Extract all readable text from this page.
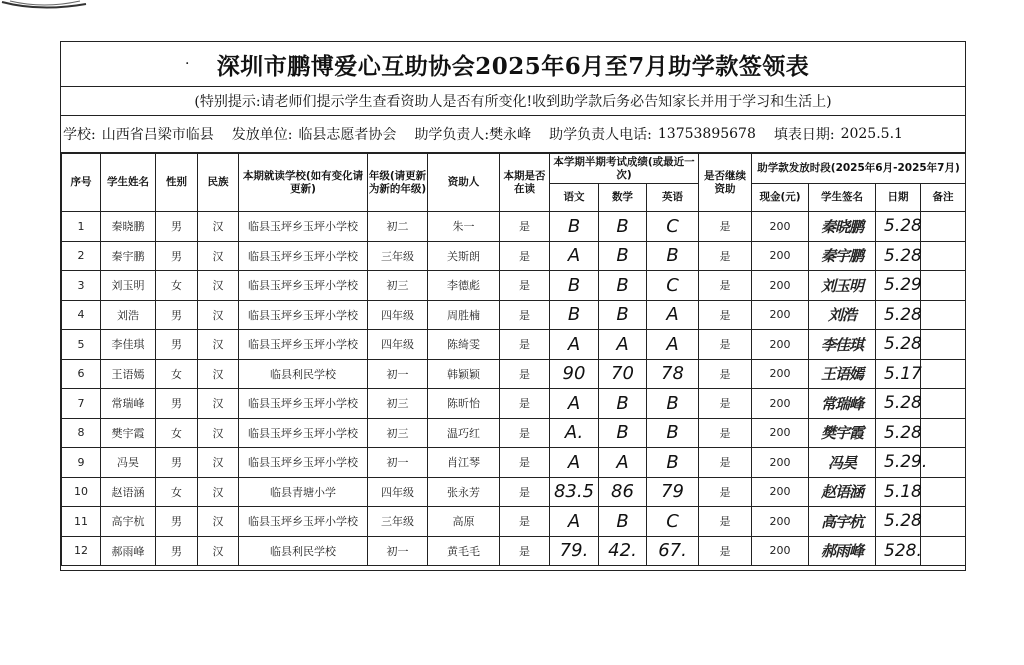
· 深圳市鹏博爱心互助协会2025年6月至7月助学款签领表
(特别提示:请老师们提示学生查看资助人是否有所变化!收到助学款后务必告知家长并用于学习和生活上)
学校: 山西省吕梁市临县 发放单位: 临县志愿者协会 助学负责人:樊永峰 助学负责人电话: 13753895678 填表日期: 2025.5.1
序号	学生姓名	性别	民族	本期就读学校(如有变化请更新)	年级(请更新为新的年级)	资助人	本期是否在读	本学期半期考试成绩(或最近一次)			是否继续资助	助学款发放时段(2025年6月-2025年7月)			
								语文	数学	英语		现金(元)	学生签名	日期	备注
1	秦晓鹏	男	汉	临县玉坪乡玉坪小学校	初二	朱一	是	B	B	C	是	200	秦晓鹏	5.28	
2	秦宇鹏	男	汉	临县玉坪乡玉坪小学校	三年级	关斯朗	是	A	B	B	是	200	秦宇鹏	5.28	
3	刘玉明	女	汉	临县玉坪乡玉坪小学校	初三	李德彪	是	B	B	C	是	200	刘玉明	5.29	
4	刘浩	男	汉	临县玉坪乡玉坪小学校	四年级	周胜楠	是	B	B	A	是	200	刘浩	5.28	
5	李佳琪	男	汉	临县玉坪乡玉坪小学校	四年级	陈绮雯	是	A	A	A	是	200	李佳琪	5.28	
6	王语嫣	女	汉	临县利民学校	初一	韩颖颖	是	90	70	78	是	200	王语嫣	5.17	
7	常瑞峰	男	汉	临县玉坪乡玉坪小学校	初三	陈昕怡	是	A	B	B	是	200	常瑞峰	5.28	
8	樊宇霞	女	汉	临县玉坪乡玉坪小学校	初三	温巧红	是	A.	B	B	是	200	樊宇霞	5.28	
9	冯昊	男	汉	临县玉坪乡玉坪小学校	初一	肖江琴	是	A	A	B	是	200	冯昊	5.29.	
10	赵语涵	女	汉	临县青塘小学	四年级	张永芳	是	83.5	86	79	是	200	赵语涵	5.18	
11	高宇杭	男	汉	临县玉坪乡玉坪小学校	三年级	高原	是	A	B	C	是	200	高宇杭	5.28	
12	郝雨峰	男	汉	临县利民学校	初一	黄毛毛	是	79.	42.	67.	是	200	郝雨峰	528.	
